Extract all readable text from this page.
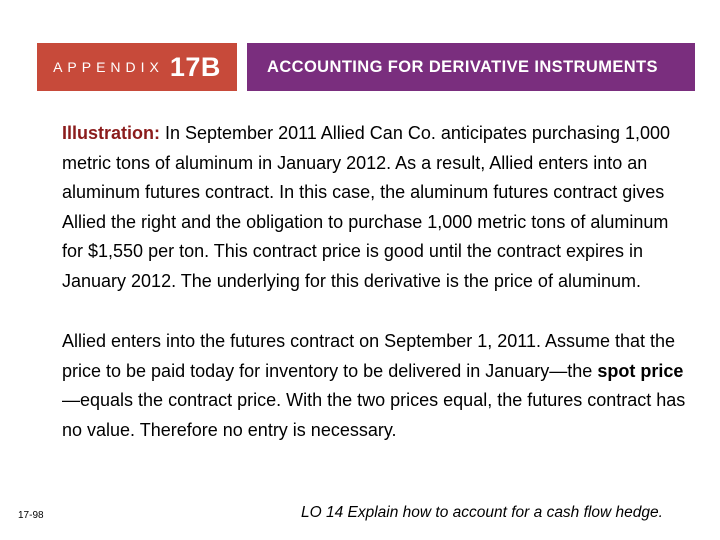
APPENDIX 17B	ACCOUNTING FOR DERIVATIVE INSTRUMENTS
Illustration: In September 2011 Allied Can Co. anticipates purchasing 1,000 metric tons of aluminum in January 2012. As a result, Allied enters into an aluminum futures contract. In this case, the aluminum futures contract gives Allied the right and the obligation to purchase 1,000 metric tons of aluminum for $1,550 per ton. This contract price is good until the contract expires in January 2012. The underlying for this derivative is the price of aluminum.
Allied enters into the futures contract on September 1, 2011. Assume that the price to be paid today for inventory to be delivered in January—the spot price—equals the contract price. With the two prices equal, the futures contract has no value. Therefore no entry is necessary.
17-98	LO 14 Explain how to account for a cash flow hedge.
